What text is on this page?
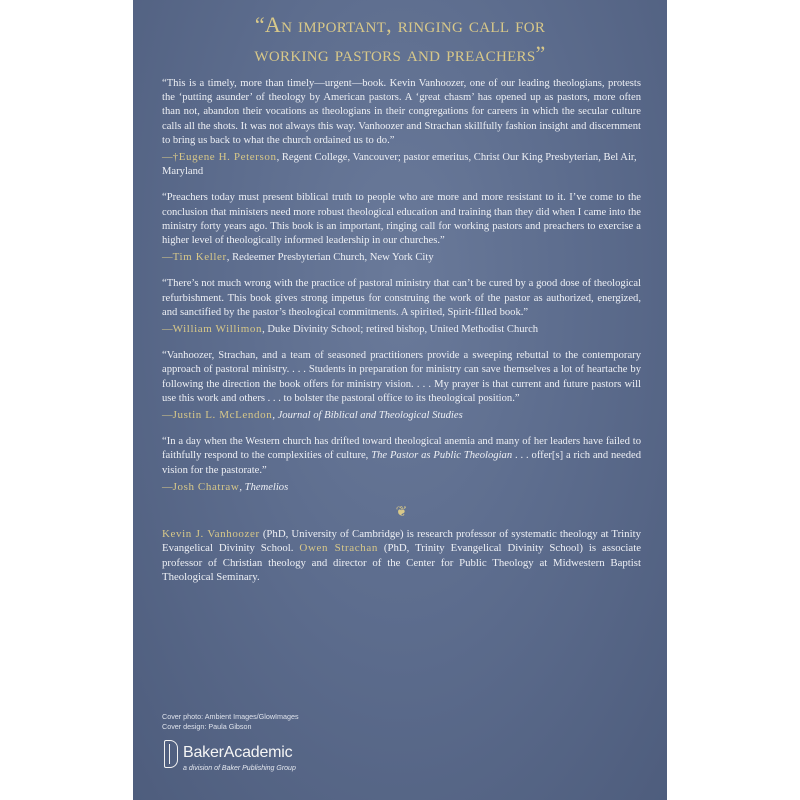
“An important, ringing call for
working pastors and preachers”

“This is a timely, more than timely—urgent—book. Kevin Vanhoozer, one of our leading theologians, protests the ‘putting asunder’ of theology by American pastors. A ‘great chasm’ has opened up as pastors, more often than not, abandon their vocations as theologians in their congregations for careers in which the secular culture calls all the shots. It was not always this way. Vanhoozer and Strachan skillfully fashion insight and discernment to bring us back to what the church ordained us to do.”

—†Eugene H. Peterson, Regent College, Vancouver; pastor emeritus, Christ Our King Presbyterian, Bel Air, Maryland

“Preachers today must present biblical truth to people who are more and more resistant to it. I’ve come to the conclusion that ministers need more robust theological education and training than they did when I came into the ministry forty years ago. This book is an important, ringing call for working pastors and preachers to exercise a higher level of theologically informed leadership in our churches.”

—Tim Keller, Redeemer Presbyterian Church, New York City

“There’s not much wrong with the practice of pastoral ministry that can’t be cured by a good dose of theological refurbishment. This book gives strong impetus for construing the work of the pastor as authorized, energized, and sanctified by the pastor’s theological commitments. A spirited, Spirit-filled book.”

—William Willimon, Duke Divinity School; retired bishop, United Methodist Church

“Vanhoozer, Strachan, and a team of seasoned practitioners provide a sweeping rebuttal to the contemporary approach of pastoral ministry. . . . Students in preparation for ministry can save themselves a lot of heartache by following the direction the book offers for ministry vision. . . . My prayer is that current and future pastors will use this work and others . . . to bolster the pastoral office to its theological position.”

—Justin L. McLendon, Journal of Biblical and Theological Studies

“In a day when the Western church has drifted toward theological anemia and many of her leaders have failed to faithfully respond to the complexities of culture, The Pastor as Public Theologian . . . offer[s] a rich and needed vision for the pastorate.”

—Josh Chatraw, Themelios

❦

Kevin J. Vanhoozer (PhD, University of Cambridge) is research professor of systematic theology at Trinity Evangelical Divinity School. Owen Strachan (PhD, Trinity Evangelical Divinity School) is associate professor of Christian theology and director of the Center for Public Theology at Midwestern Baptist Theological Seminary.

Cover photo: Ambient Images/GlowImages
Cover design: Paula Gibson
BakerAcademic
a division of Baker Publishing Group
